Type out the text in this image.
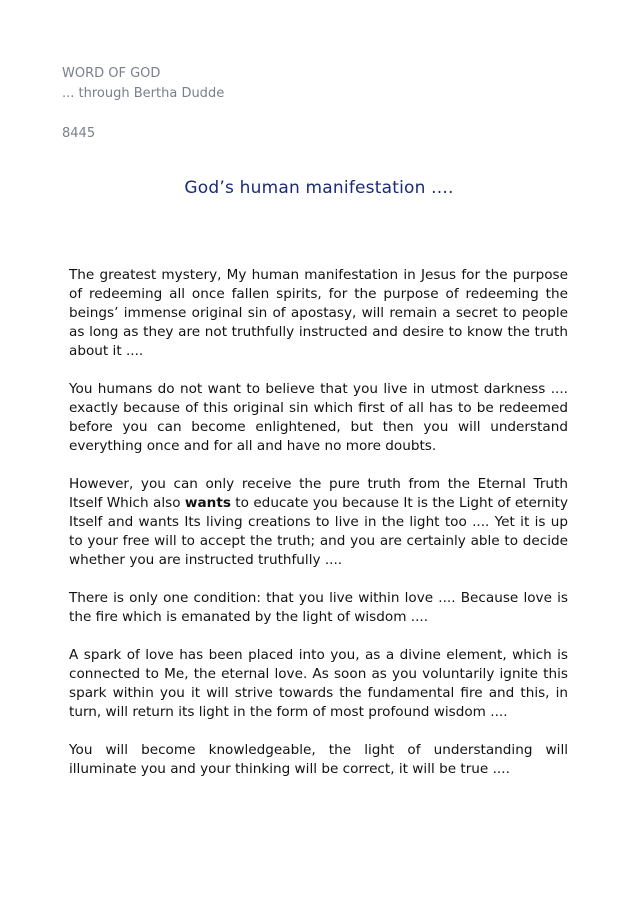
WORD OF GOD
... through Bertha Dudde
8445
God’s human manifestation ....

The greatest mystery, My human manifestation in Jesus for the purpose of redeeming all once fallen spirits, for the purpose of redeeming the beings’ immense original sin of apostasy, will remain a secret to people as long as they are not truthfully instructed and desire to know the truth about it ....

You humans do not want to believe that you live in utmost darkness .... exactly because of this original sin which first of all has to be redeemed before you can become enlightened, but then you will understand everything once and for all and have no more doubts.

However, you can only receive the pure truth from the Eternal Truth Itself Which also wants to educate you because It is the Light of eternity Itself and wants Its living creations to live in the light too .... Yet it is up to your free will to accept the truth; and you are certainly able to decide whether you are instructed truthfully ....

There is only one condition: that you live within love .... Because love is the fire which is emanated by the light of wisdom ....

A spark of love has been placed into you, as a divine element, which is connected to Me, the eternal love. As soon as you voluntarily ignite this spark within you it will strive towards the fundamental fire and this, in turn, will return its light in the form of most profound wisdom ....

You will become knowledgeable, the light of understanding will illuminate you and your thinking will be correct, it will be true ....
